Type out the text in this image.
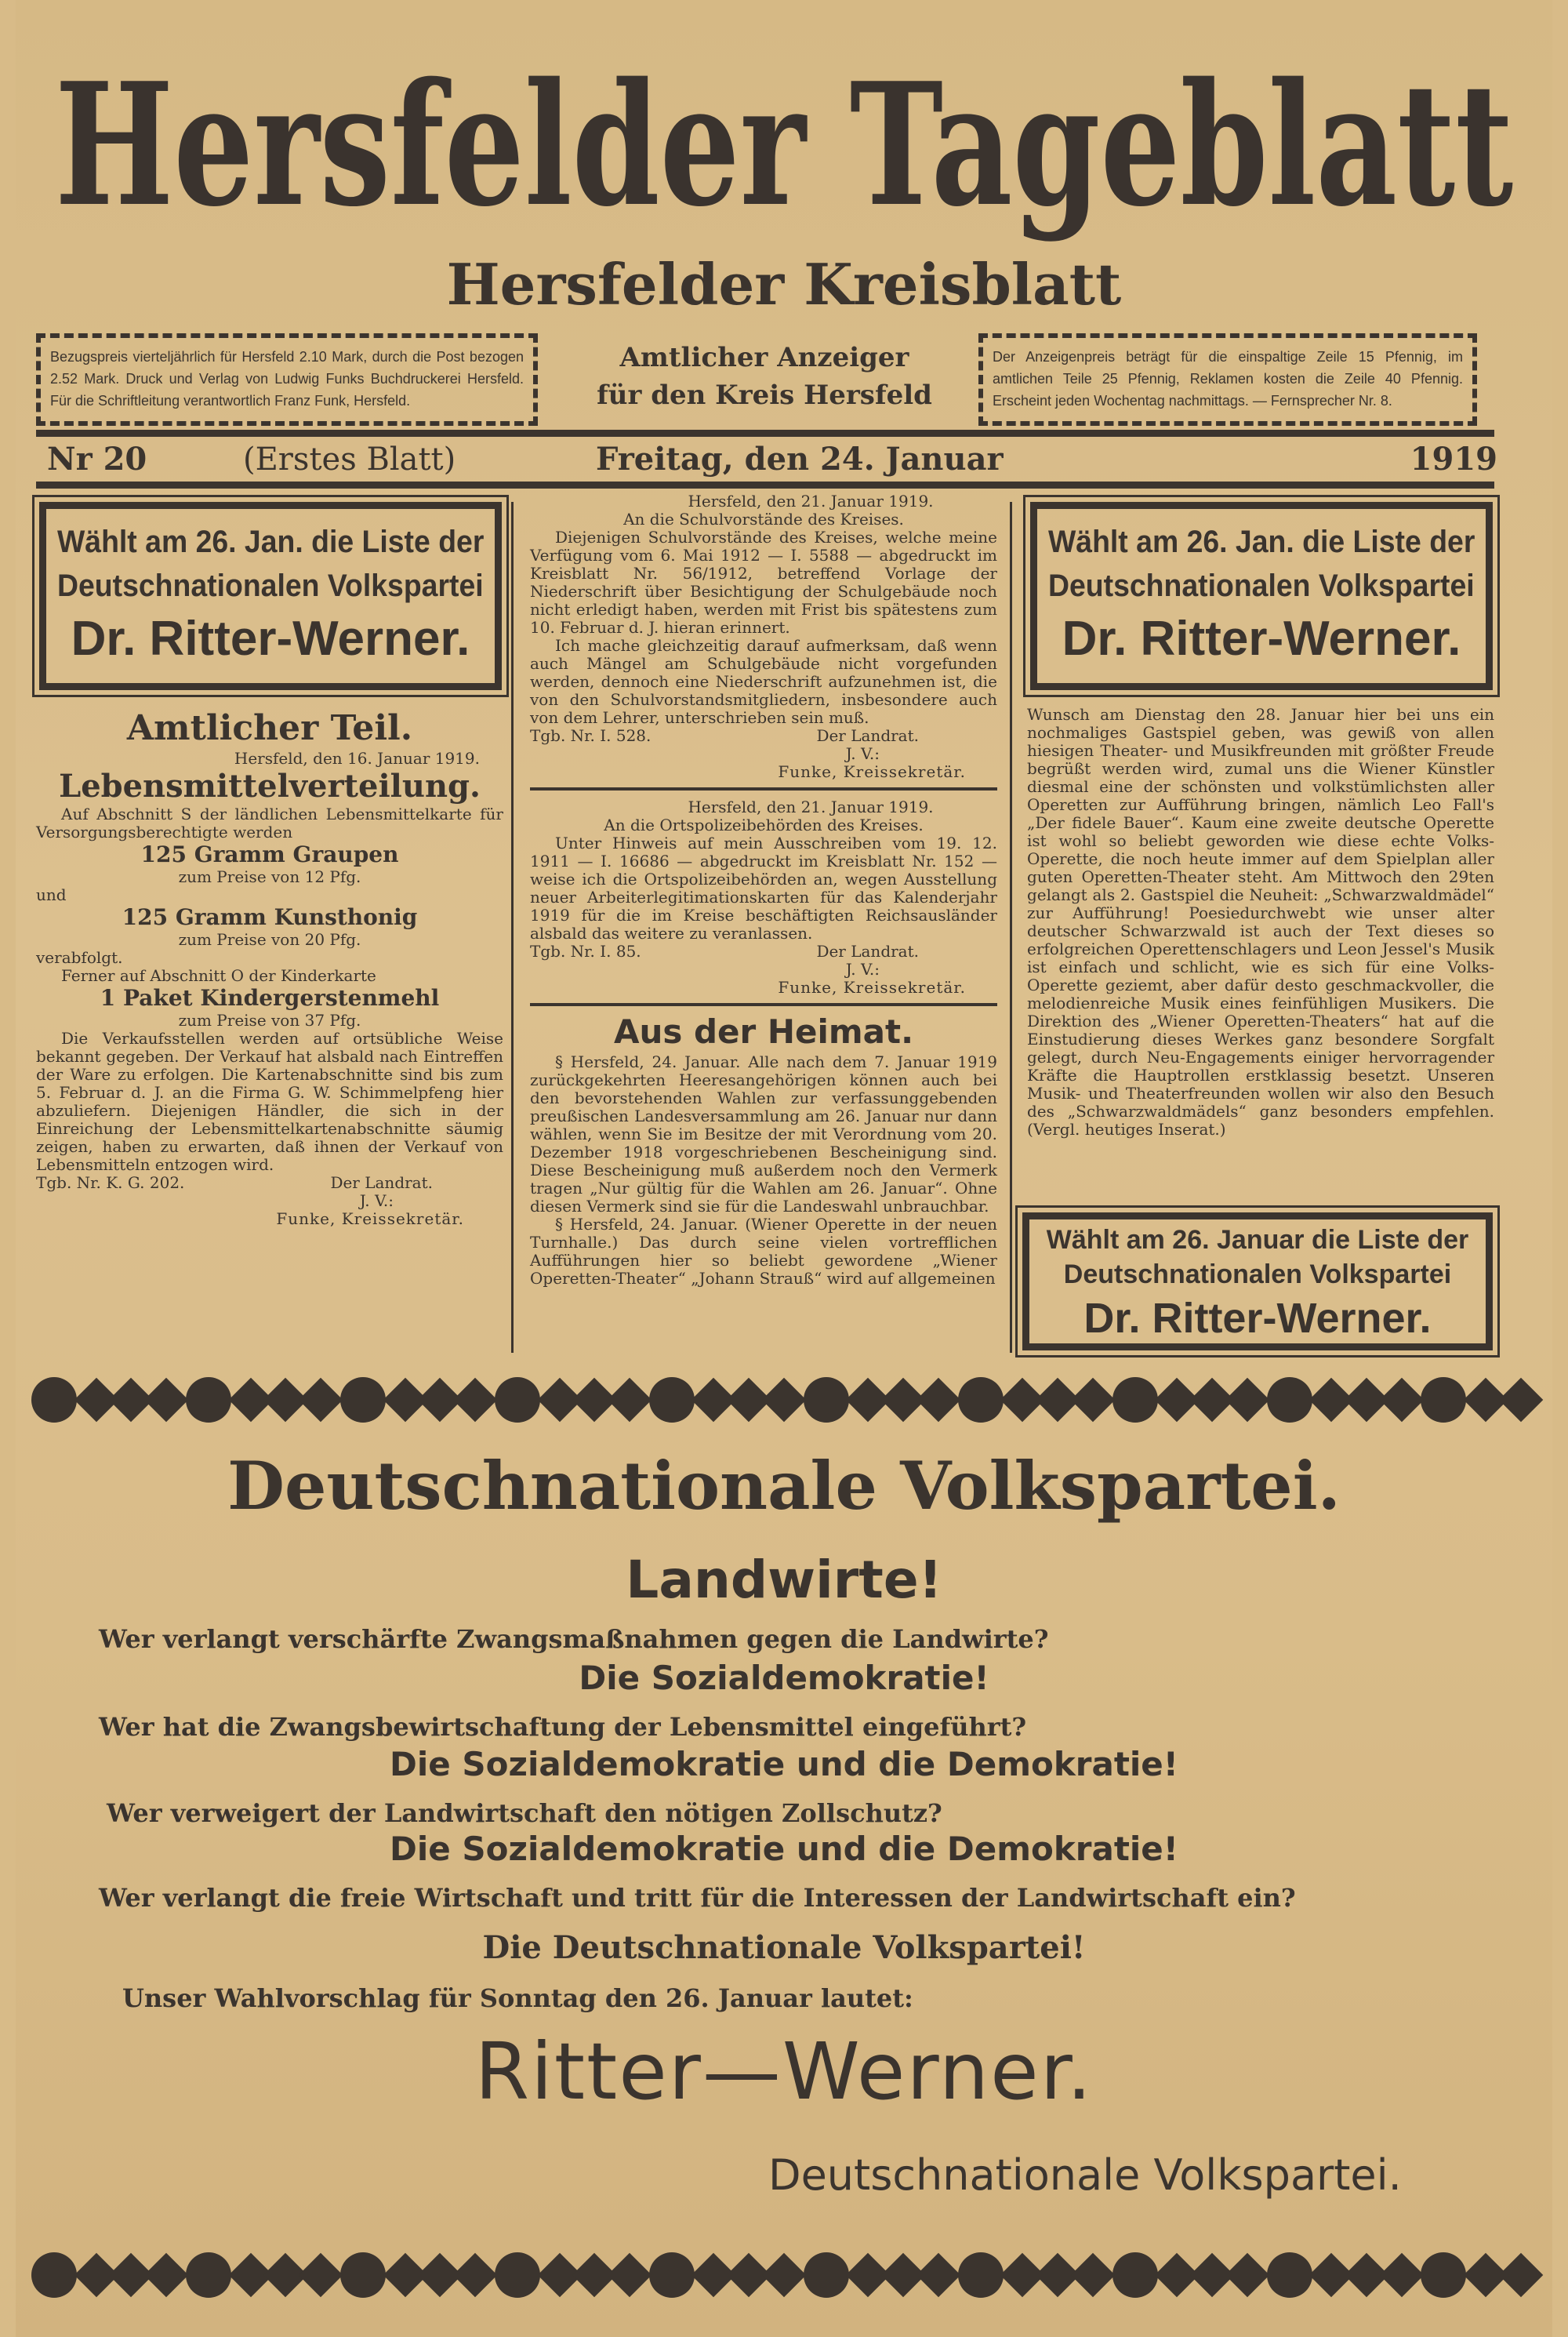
Hersfelder Tageblatt
Hersfelder Kreisblatt
Bezugspreis vierteljährlich für Hersfeld 2.10 Mark, durch die Post bezogen 2.52 Mark. Druck und Verlag von Ludwig Funks Buchdruckerei Hersfeld. Für die Schriftleitung verantwortlich Franz Funk, Hersfeld.
Amtlicher Anzeiger
für den Kreis Hersfeld
Der Anzeigenpreis beträgt für die einspaltige Zeile 15 Pfennig, im amtlichen Teile 25 Pfennig, Reklamen kosten die Zeile 40 Pfennig. Erscheint jeden Wochentag nachmittags. — Fernsprecher Nr. 8.
Nr 20	(Erstes Blatt)	Freitag, den 24. Januar	1919
Wählt am 26. Jan. die Liste der
Deutschnationalen Volkspartei
Dr. Ritter-Werner.
Amtlicher Teil.
Hersfeld, den 16. Januar 1919.
Lebensmittelverteilung.

Auf Abschnitt S der ländlichen Lebensmittelkarte für Versorgungsberechtigte werden

125 Gramm Graupen
zum Preise von 12 Pfg.
und
125 Gramm Kunsthonig
zum Preise von 20 Pfg.
verabfolgt.

Ferner auf Abschnitt O der Kinderkarte

1 Paket Kindergerstenmehl
zum Preise von 37 Pfg.

Die Verkaufsstellen werden auf ortsübliche Weise bekannt gegeben. Der Verkauf hat alsbald nach Eintreffen der Ware zu erfolgen. Die Kartenabschnitte sind bis zum 5. Februar d. J. an die Firma G. W. Schimmelpfeng hier abzuliefern. Diejenigen Händler, die sich in der Einreichung der Lebensmittelkartenabschnitte säumig zeigen, haben zu erwarten, daß ihnen der Verkauf von Lebensmitteln entzogen wird.

Tgb. Nr. K. G. 202.	Der Landrat.
J. V.:
Funke, Kreissekretär.
Hersfeld, den 21. Januar 1919.
An die Schulvorstände des Kreises.

Diejenigen Schulvorstände des Kreises, welche meine Verfügung vom 6. Mai 1912 — I. 5588 — abgedruckt im Kreisblatt Nr. 56/1912, betreffend Vorlage der Niederschrift über Besichtigung der Schulgebäude noch nicht erledigt haben, werden mit Frist bis spätestens zum 10. Februar d. J. hieran erinnert.

Ich mache gleichzeitig darauf aufmerksam, daß wenn auch Mängel am Schulgebäude nicht vorgefunden werden, dennoch eine Niederschrift aufzunehmen ist, die von den Schulvorstandsmitgliedern, insbesondere auch von dem Lehrer, unterschrieben sein muß.

Tgb. Nr. I. 528.	Der Landrat.
J. V.:
Funke, Kreissekretär.
Hersfeld, den 21. Januar 1919.
An die Ortspolizeibehörden des Kreises.

Unter Hinweis auf mein Ausschreiben vom 19. 12. 1911 — I. 16686 — abgedruckt im Kreisblatt Nr. 152 — weise ich die Ortspolizeibehörden an, wegen Ausstellung neuer Arbeiterlegitimationskarten für das Kalenderjahr 1919 für die im Kreise beschäftigten Reichsausländer alsbald das weitere zu veranlassen.

Tgb. Nr. I. 85.	Der Landrat.
J. V.:
Funke, Kreissekretär.
Aus der Heimat.

§ Hersfeld, 24. Januar. Alle nach dem 7. Januar 1919 zurückgekehrten Heeresangehörigen können auch bei den bevorstehenden Wahlen zur verfassunggebenden preußischen Landesversammlung am 26. Januar nur dann wählen, wenn Sie im Besitze der mit Verordnung vom 20. Dezember 1918 vorgeschriebenen Bescheinigung sind. Diese Bescheinigung muß außerdem noch den Vermerk tragen „Nur gültig für die Wahlen am 26. Januar“. Ohne diesen Vermerk sind sie für die Landeswahl unbrauchbar.

§ Hersfeld, 24. Januar. (Wiener Operette in der neuen Turnhalle.) Das durch seine vielen vortrefflichen Aufführungen hier so beliebt gewordene „Wiener Operetten-Theater“ „Johann Strauß“ wird auf allgemeinen

Wählt am 26. Jan. die Liste der
Deutschnationalen Volkspartei
Dr. Ritter-Werner.
Wunsch am Dienstag den 28. Januar hier bei uns ein nochmaliges Gastspiel geben, was gewiß von allen hiesigen Theater- und Musikfreunden mit größter Freude begrüßt werden wird, zumal uns die Wiener Künstler diesmal eine der schönsten und volkstümlichsten aller Operetten zur Aufführung bringen, nämlich Leo Fall's „Der fidele Bauer“. Kaum eine zweite deutsche Operette ist wohl so beliebt geworden wie diese echte Volks-Operette, die noch heute immer auf dem Spielplan aller guten Operetten-Theater steht. Am Mittwoch den 29ten gelangt als 2. Gastspiel die Neuheit: „Schwarzwaldmädel“ zur Aufführung! Poesiedurchwebt wie unser alter deutscher Schwarzwald ist auch der Text dieses so erfolgreichen Operettenschlagers und Leon Jessel's Musik ist einfach und schlicht, wie es sich für eine Volks-Operette geziemt, aber dafür desto geschmackvoller, die melodienreiche Musik eines feinfühligen Musikers. Die Direktion des „Wiener Operetten-Theaters“ hat auf die Einstudierung dieses Werkes ganz besondere Sorgfalt gelegt, durch Neu-Engagements einiger hervorragender Kräfte die Hauptrollen erstklassig besetzt. Unseren Musik- und Theaterfreunden wollen wir also den Besuch des „Schwarzwaldmädels“ ganz besonders empfehlen. (Vergl. heutiges Inserat.)
Wählt am 26. Januar die Liste der
Deutschnationalen Volkspartei
Dr. Ritter-Werner.
Deutschnationale Volkspartei.
Landwirte!
Wer verlangt verschärfte Zwangsmaßnahmen gegen die Landwirte?
Die Sozialdemokratie!
Wer hat die Zwangsbewirtschaftung der Lebensmittel eingeführt?
Die Sozialdemokratie und die Demokratie!
Wer verweigert der Landwirtschaft den nötigen Zollschutz?
Die Sozialdemokratie und die Demokratie!
Wer verlangt die freie Wirtschaft und tritt für die Interessen der Landwirtschaft ein?
Die Deutschnationale Volkspartei!
Unser Wahlvorschlag für Sonntag den 26. Januar lautet:
Ritter—Werner.
Deutschnationale Volkspartei.
